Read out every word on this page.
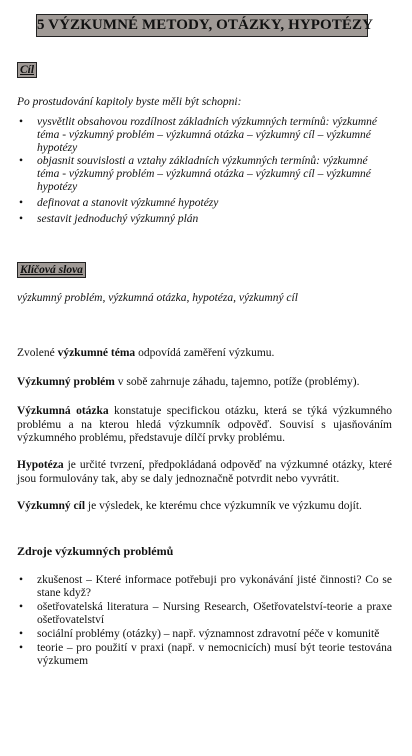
5 VÝZKUMNÉ METODY, OTÁZKY, HYPOTÉZY
Cíl
Po prostudování kapitoly byste měli být schopni:
• vysvětlit obsahovou rozdílnost základních výzkumných termínů: výzkumné téma - výzkumný problém – výzkumná otázka – výzkumný cíl – výzkumné hypotézy
• objasnit souvislosti a vztahy základních výzkumných termínů: výzkumné téma - výzkumný problém – výzkumná otázka – výzkumný cíl – výzkumné hypotézy
• definovat a stanovit výzkumné hypotézy
• sestavit jednoduchý výzkumný plán
Klíčová slova
výzkumný problém, výzkumná otázka, hypotéza, výzkumný cíl
Zvolené výzkumné téma odpovídá zaměření výzkumu.
Výzkumný problém v sobě zahrnuje záhadu, tajemno, potíže (problémy).
Výzkumná otázka konstatuje specifickou otázku, která se týká výzkumného problému a na kterou hledá výzkumník odpověď. Souvisí s ujasňováním výzkumného problému, představuje dílčí prvky problému.
Hypotéza je určité tvrzení, předpokládaná odpověď na výzkumné otázky, které jsou formulovány tak, aby se daly jednoznačně potvrdit nebo vyvrátit.
Výzkumný cíl je výsledek, ke kterému chce výzkumník ve výzkumu dojít.
Zdroje výzkumných problémů
• zkušenost – Které informace potřebuji pro vykonávání jisté činnosti? Co se stane když?
• ošetřovatelská literatura – Nursing Research, Ošetřovatelství-teorie a praxe ošetřovatelství
• sociální problémy (otázky) – např. významnost zdravotní péče v komunitě
• teorie – pro použití v praxi (např. v nemocnicích) musí být teorie testována výzkumem
